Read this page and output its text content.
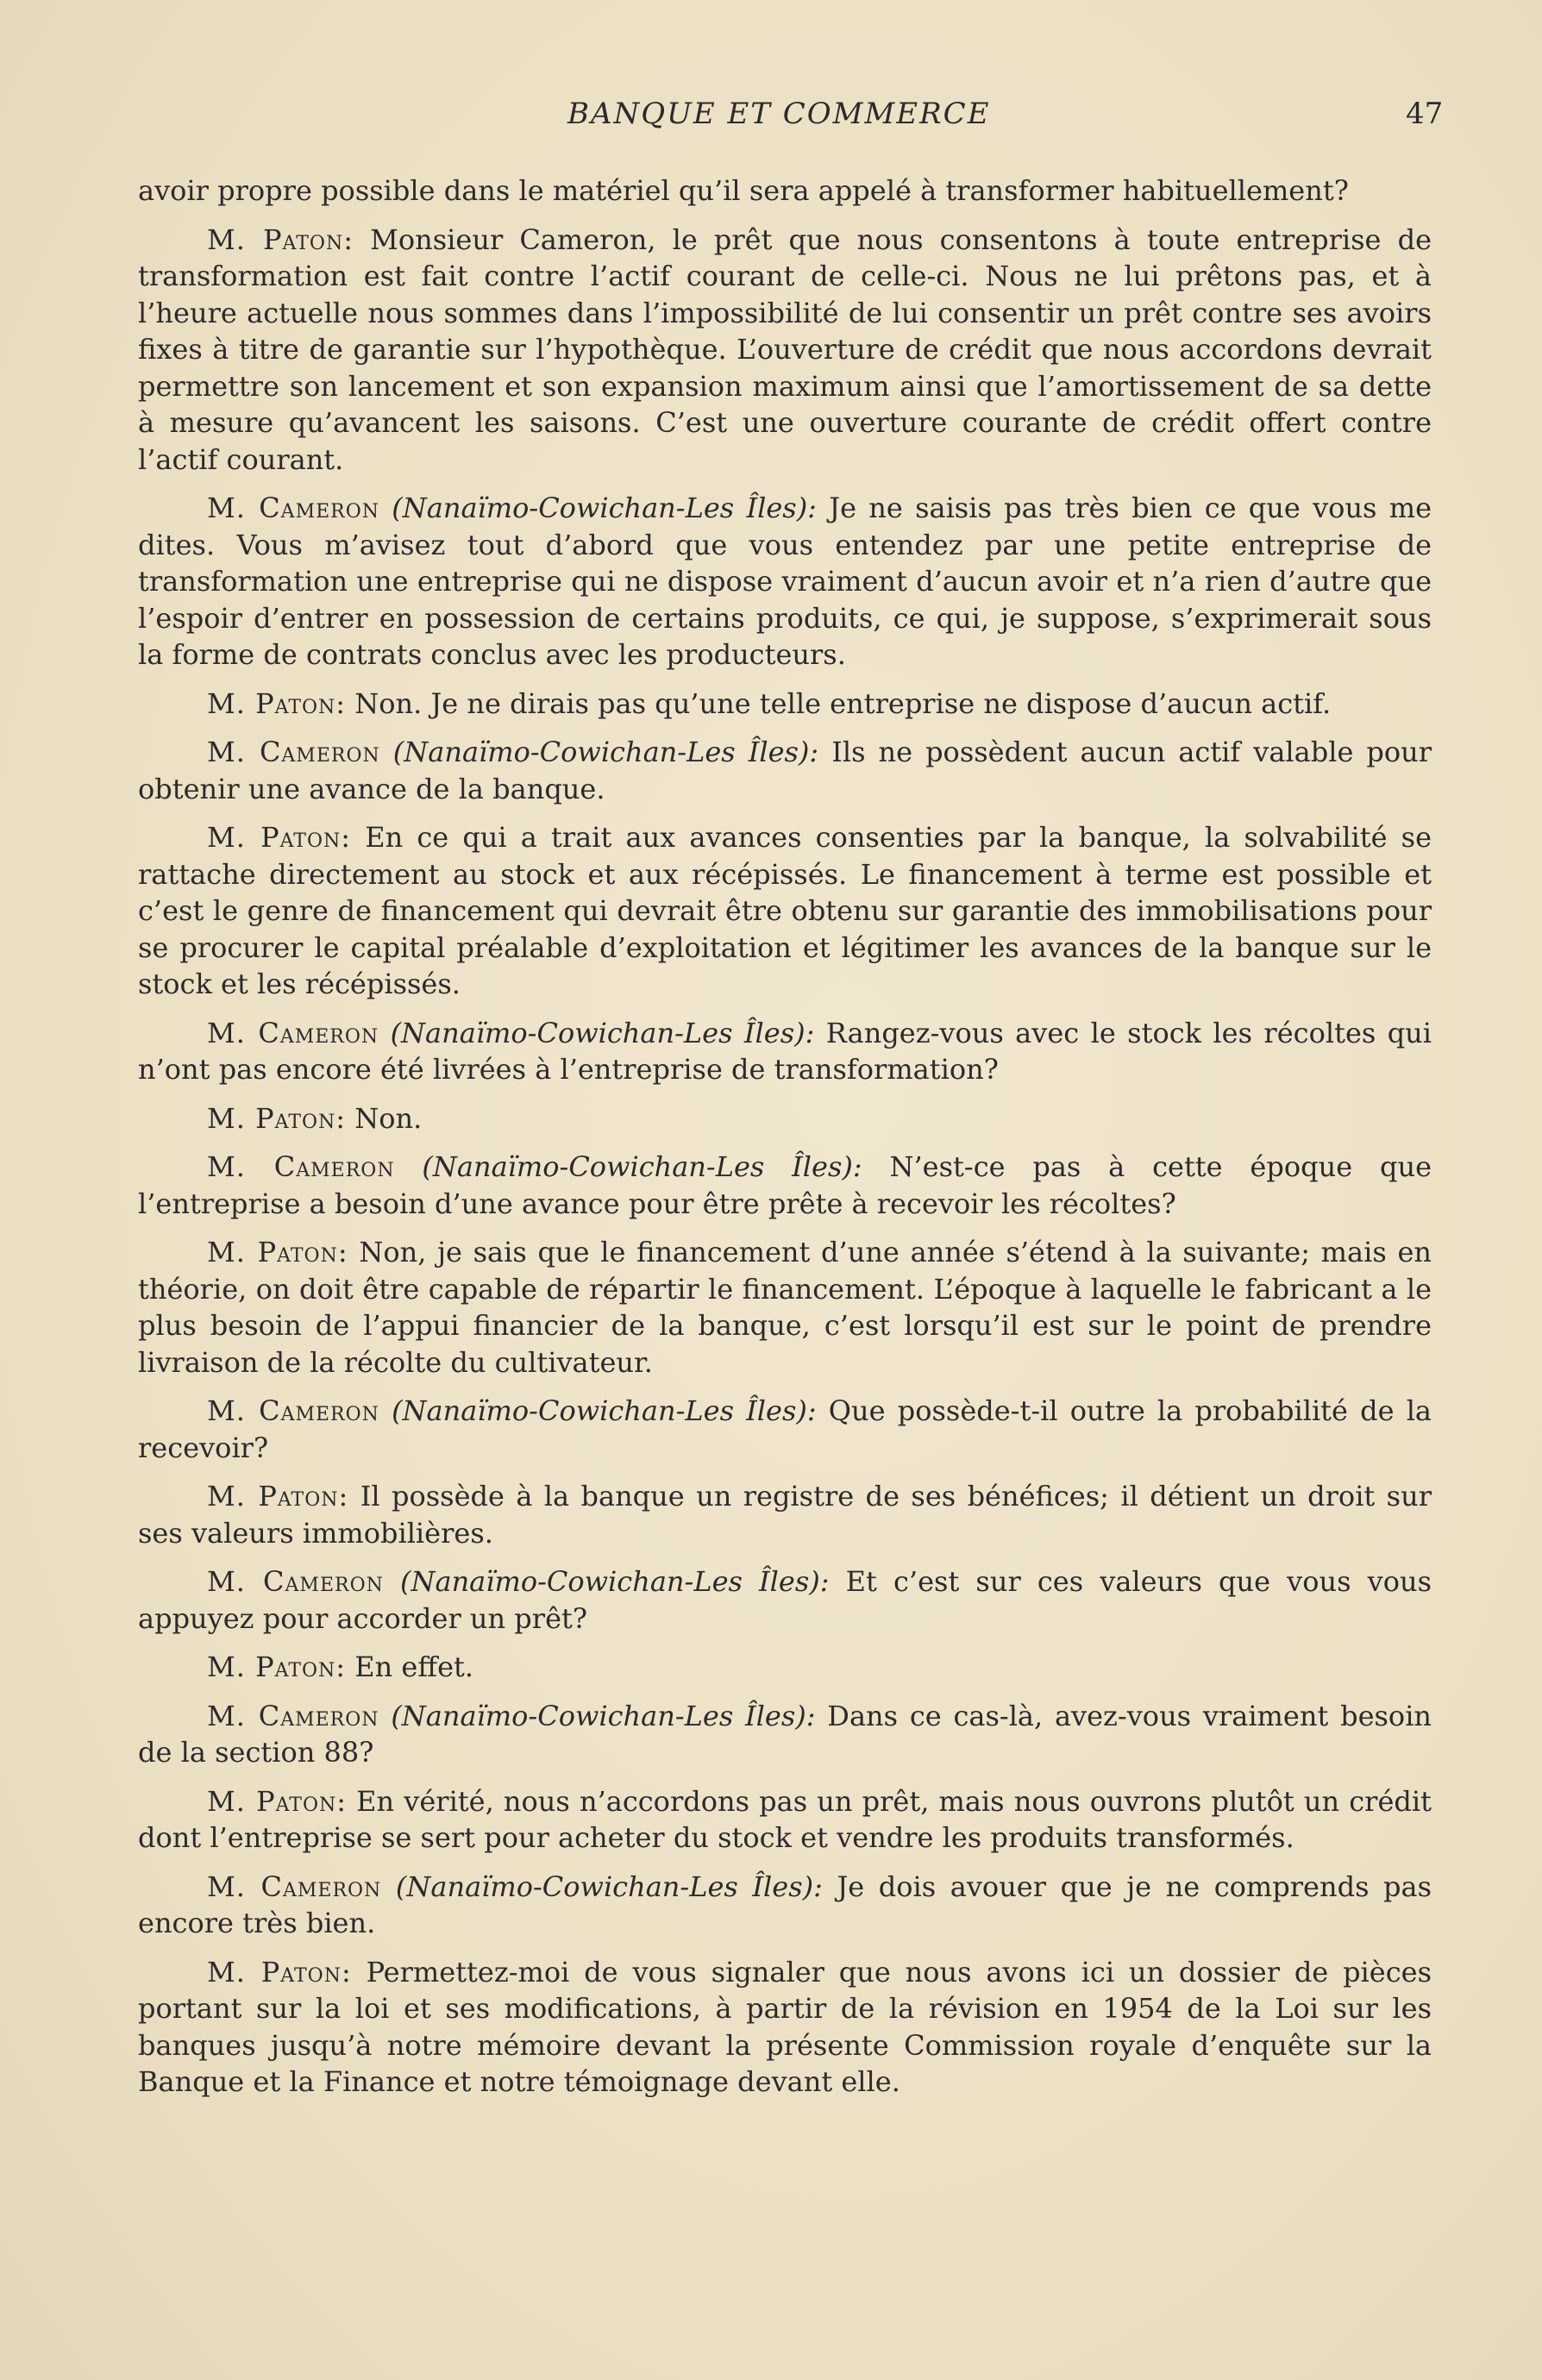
BANQUE ET COMMERCE	47

avoir propre possible dans le matériel qu’il sera appelé à transformer habituellement?

M. Paton: Monsieur Cameron, le prêt que nous consentons à toute entreprise de transformation est fait contre l’actif courant de celle-ci. Nous ne lui prêtons pas, et à l’heure actuelle nous sommes dans l’impossibilité de lui consentir un prêt contre ses avoirs fixes à titre de garantie sur l’hypothèque. L’ouverture de crédit que nous accordons devrait permettre son lancement et son expansion maximum ainsi que l’amortissement de sa dette à mesure qu’avancent les saisons. C’est une ouverture courante de crédit offert contre l’actif courant.

M. Cameron (Nanaïmo-Cowichan-Les Îles): Je ne saisis pas très bien ce que vous me dites. Vous m’avisez tout d’abord que vous entendez par une petite entreprise de transformation une entreprise qui ne dispose vraiment d’aucun avoir et n’a rien d’autre que l’espoir d’entrer en possession de certains produits, ce qui, je suppose, s’exprimerait sous la forme de contrats conclus avec les producteurs.

M. Paton: Non. Je ne dirais pas qu’une telle entreprise ne dispose d’aucun actif.

M. Cameron (Nanaïmo-Cowichan-Les Îles): Ils ne possèdent aucun actif valable pour obtenir une avance de la banque.

M. Paton: En ce qui a trait aux avances consenties par la banque, la solvabilité se rattache directement au stock et aux récépissés. Le financement à terme est possible et c’est le genre de financement qui devrait être obtenu sur garantie des immobilisations pour se procurer le capital préalable d’exploitation et légitimer les avances de la banque sur le stock et les récépissés.

M. Cameron (Nanaïmo-Cowichan-Les Îles): Rangez-vous avec le stock les récoltes qui n’ont pas encore été livrées à l’entreprise de transformation?

M. Paton: Non.

M. Cameron (Nanaïmo-Cowichan-Les Îles): N’est-ce pas à cette époque que l’entreprise a besoin d’une avance pour être prête à recevoir les récoltes?

M. Paton: Non, je sais que le financement d’une année s’étend à la suivante; mais en théorie, on doit être capable de répartir le financement. L’époque à laquelle le fabricant a le plus besoin de l’appui financier de la banque, c’est lorsqu’il est sur le point de prendre livraison de la récolte du cultivateur.

M. Cameron (Nanaïmo-Cowichan-Les Îles): Que possède-t-il outre la probabilité de la recevoir?

M. Paton: Il possède à la banque un registre de ses bénéfices; il détient un droit sur ses valeurs immobilières.

M. Cameron (Nanaïmo-Cowichan-Les Îles): Et c’est sur ces valeurs que vous vous appuyez pour accorder un prêt?

M. Paton: En effet.

M. Cameron (Nanaïmo-Cowichan-Les Îles): Dans ce cas-là, avez-vous vraiment besoin de la section 88?

M. Paton: En vérité, nous n’accordons pas un prêt, mais nous ouvrons plutôt un crédit dont l’entreprise se sert pour acheter du stock et vendre les produits transformés.

M. Cameron (Nanaïmo-Cowichan-Les Îles): Je dois avouer que je ne comprends pas encore très bien.

M. Paton: Permettez-moi de vous signaler que nous avons ici un dossier de pièces portant sur la loi et ses modifications, à partir de la révision en 1954 de la Loi sur les banques jusqu’à notre mémoire devant la présente Commission royale d’enquête sur la Banque et la Finance et notre témoignage devant elle.
